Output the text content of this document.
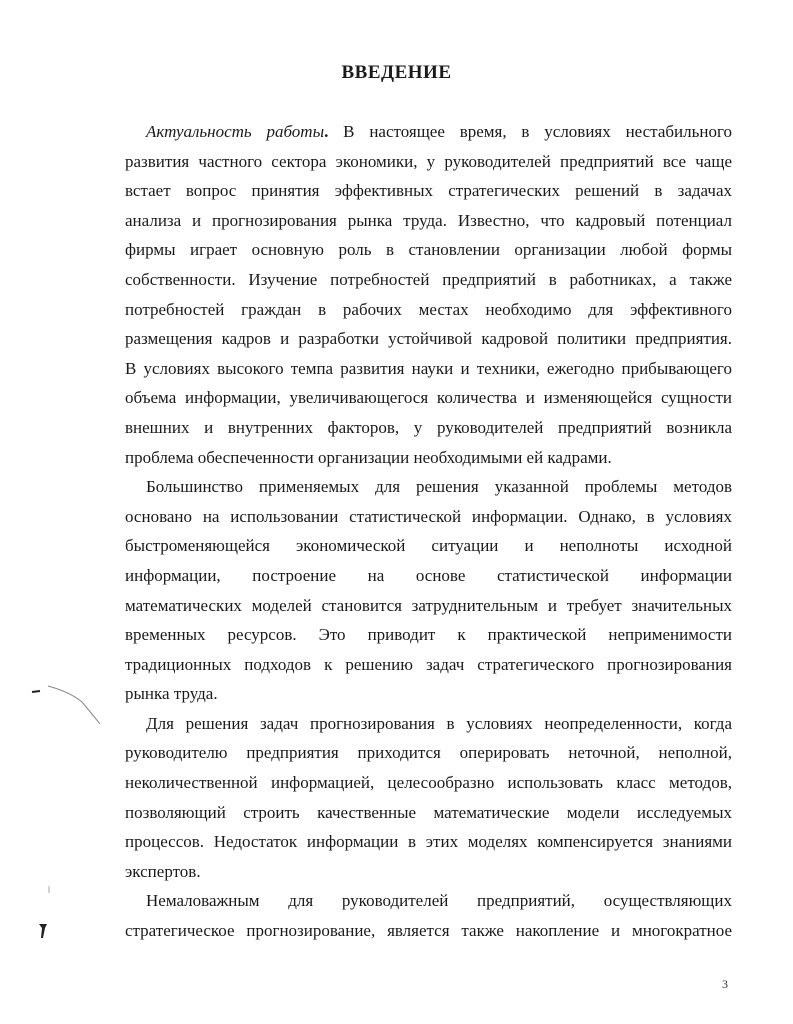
ВВЕДЕНИЕ
Актуальность работы. В настоящее время, в условиях нестабильного
развития частного сектора экономики, у руководителей предприятий все чаще
встает вопрос принятия эффективных стратегических решений в задачах
анализа и прогнозирования рынка труда. Известно, что кадровый потенциал
фирмы играет основную роль в становлении организации любой формы
собственности. Изучение потребностей предприятий в работниках, а также
потребностей граждан в рабочих местах необходимо для эффективного
размещения кадров и разработки устойчивой кадровой политики предприятия.
В условиях высокого темпа развития науки и техники, ежегодно прибывающего
объема информации, увеличивающегося количества и изменяющейся сущности
внешних и внутренних факторов, у руководителей предприятий возникла
проблема обеспеченности организации необходимыми ей кадрами.
Большинство применяемых для решения указанной проблемы методов
основано на использовании статистической информации. Однако, в условиях
быстроменяющейся экономической ситуации и неполноты исходной
информации, построение на основе статистической информации
математических моделей становится затруднительным и требует значительных
временных ресурсов. Это приводит к практической неприменимости
традиционных подходов к решению задач стратегического прогнозирования
рынка труда.
Для решения задач прогнозирования в условиях неопределенности, когда
руководителю предприятия приходится оперировать неточной, неполной,
неколичественной информацией, целесообразно использовать класс методов,
позволяющий строить качественные математические модели исследуемых
процессов. Недостаток информации в этих моделях компенсируется знаниями
экспертов.
Немаловажным для руководителей предприятий, осуществляющих
стратегическое прогнозирование, является также накопление и многократное
3
